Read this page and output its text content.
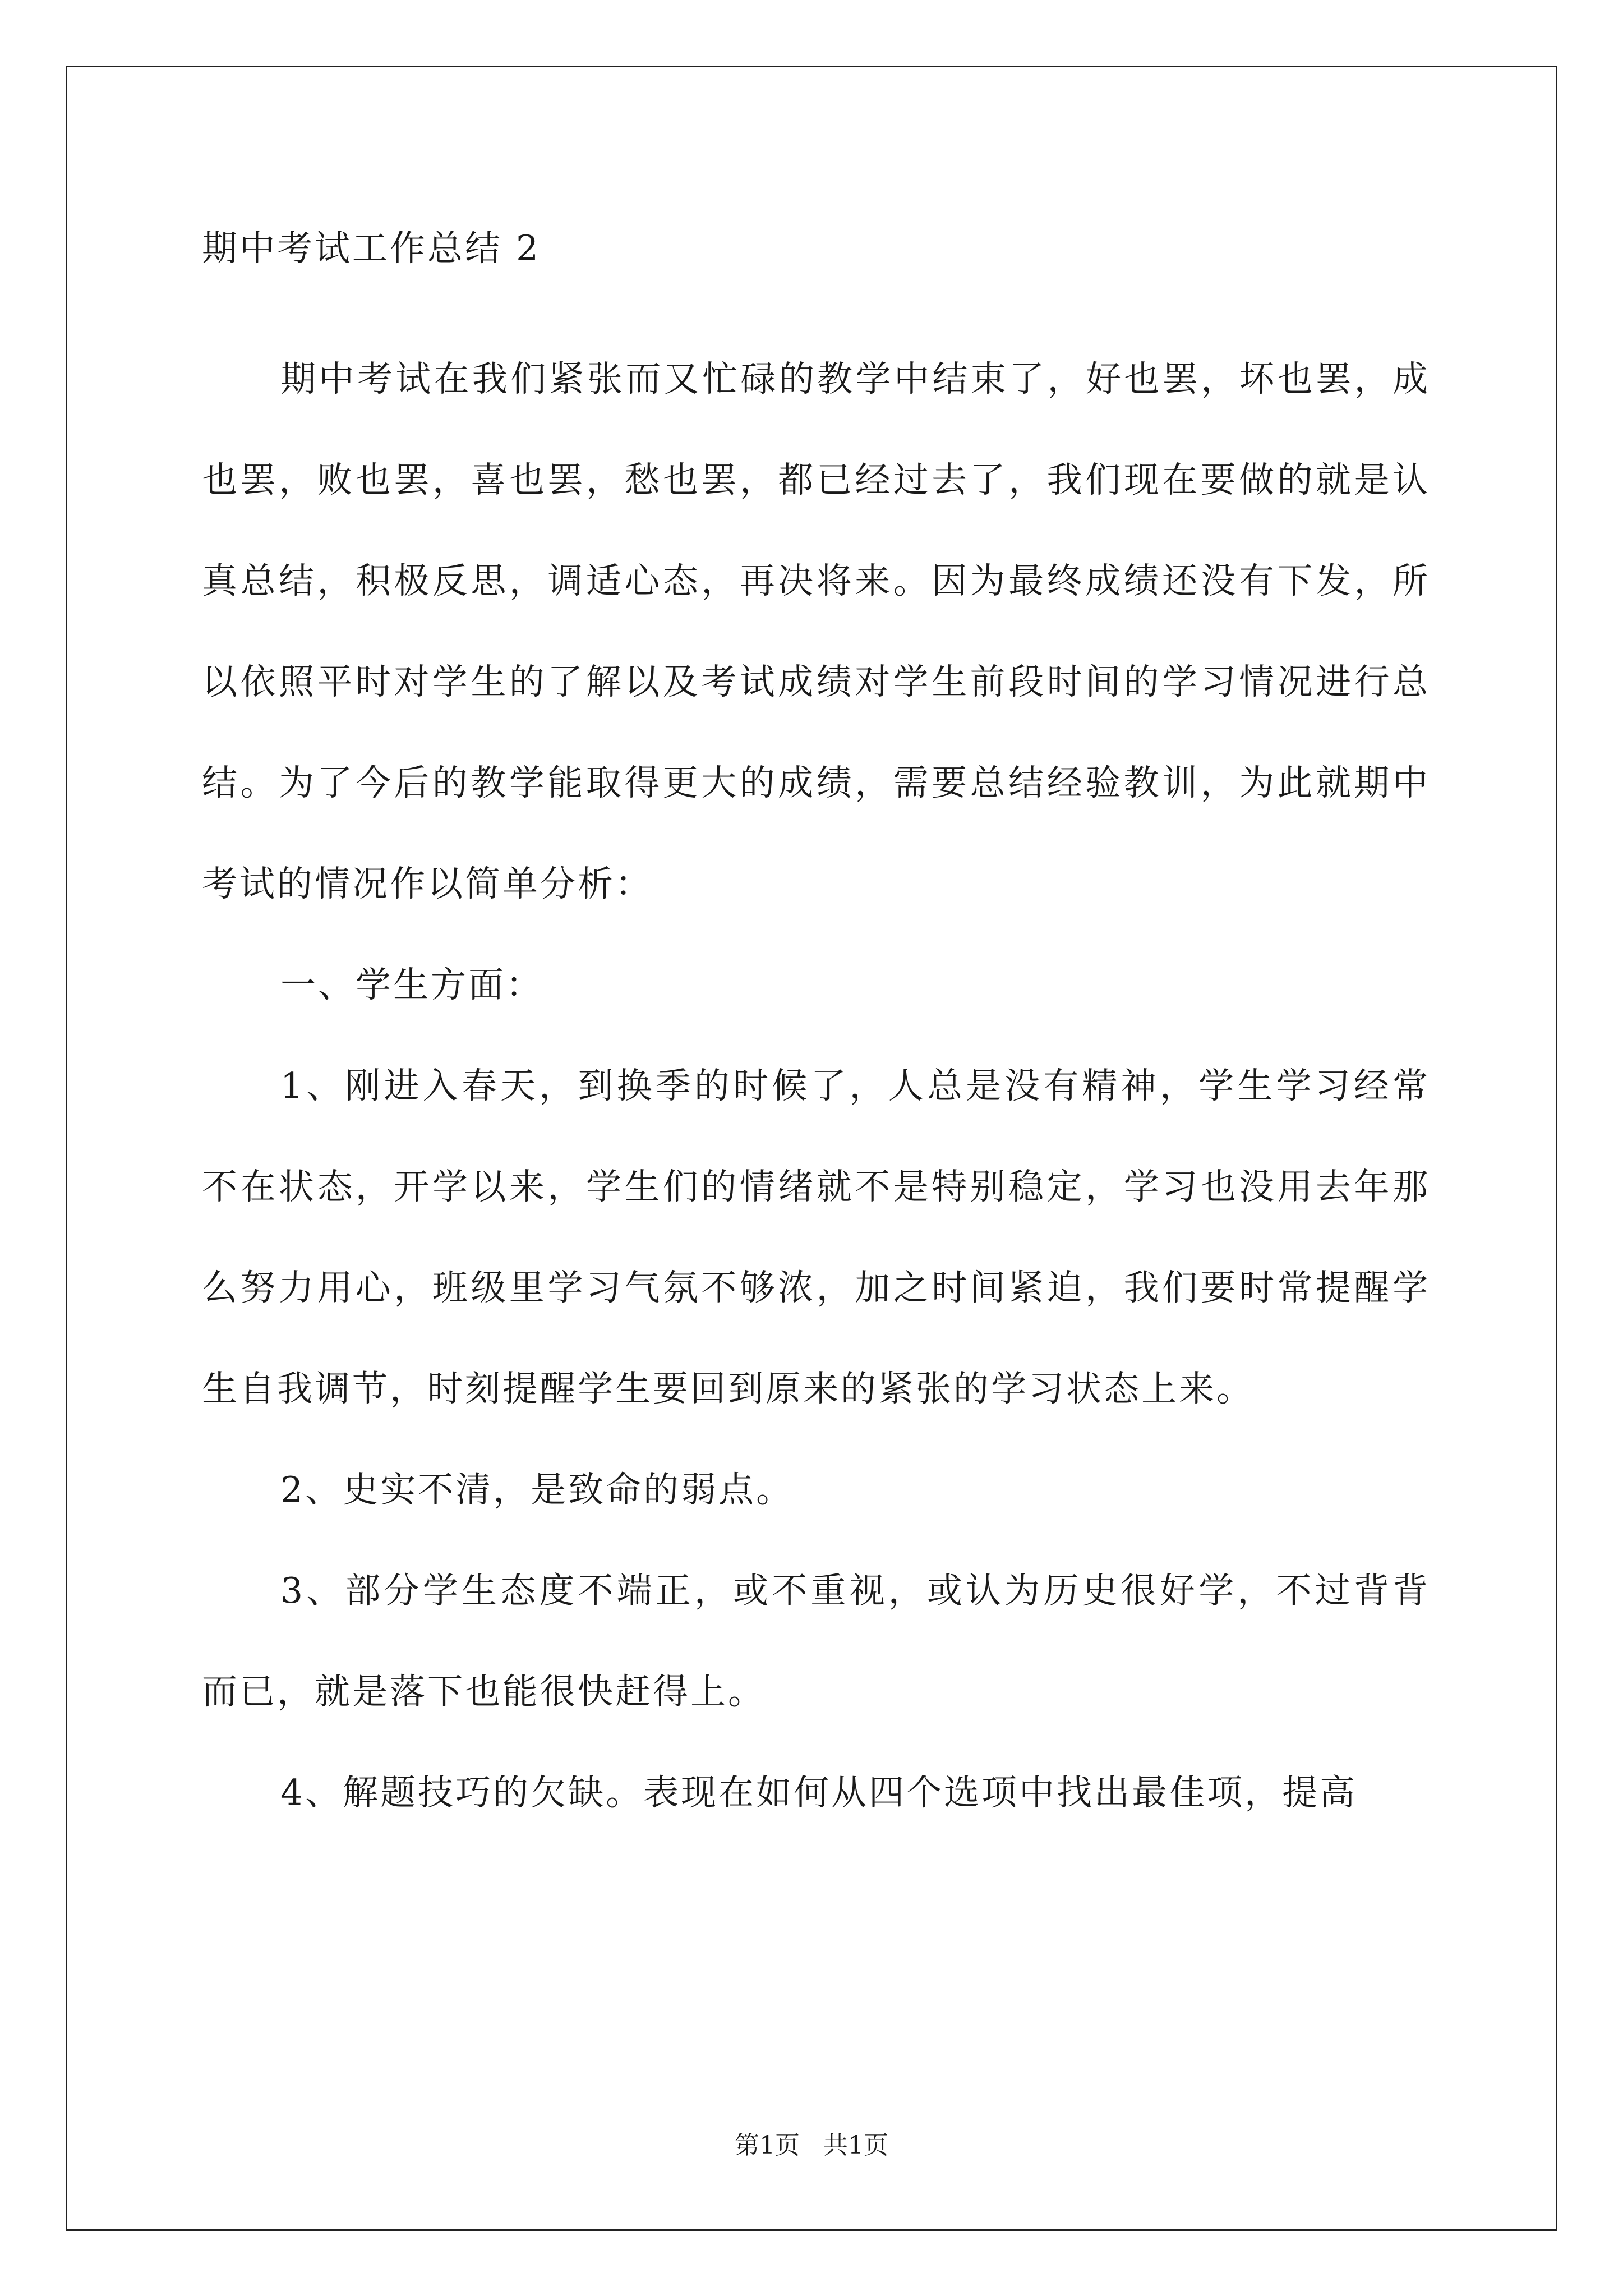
期中考试工作总结 2

期中考试在我们紧张而又忙碌的教学中结束了，好也罢，坏也罢，成也罢，败也罢，喜也罢，愁也罢，都已经过去了，我们现在要做的就是认真总结，积极反思，调适心态，再决将来。因为最终成绩还没有下发，所以依照平时对学生的了解以及考试成绩对学生前段时间的学习情况进行总结。为了今后的教学能取得更大的成绩，需要总结经验教训，为此就期中考试的情况作以简单分析：

一、学生方面：

1、刚进入春天，到换季的时候了，人总是没有精神，学生学习经常不在状态，开学以来，学生们的情绪就不是特别稳定，学习也没用去年那么努力用心，班级里学习气氛不够浓，加之时间紧迫，我们要时常提醒学生自我调节，时刻提醒学生要回到原来的紧张的学习状态上来。

2、史实不清，是致命的弱点。

3、部分学生态度不端正，或不重视，或认为历史很好学，不过背背而已，就是落下也能很快赶得上。

4、解题技巧的欠缺。表现在如何从四个选项中找出最佳项，提高

第1页   共1页
